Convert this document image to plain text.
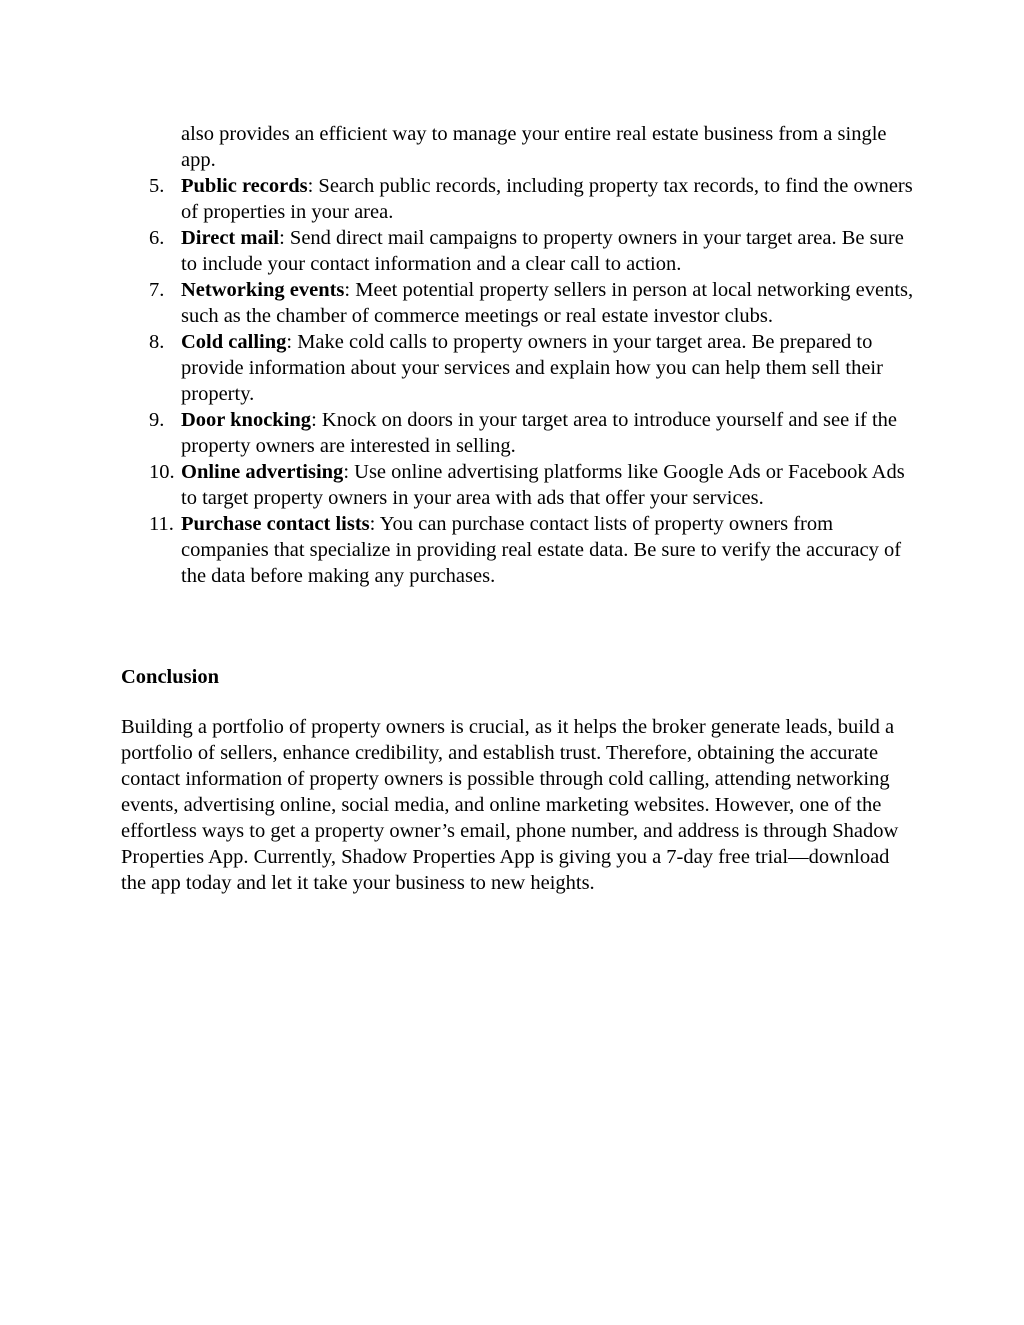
also provides an efficient way to manage your entire real estate business from a single app.

5. Public records: Search public records, including property tax records, to find the owners of properties in your area.
6. Direct mail: Send direct mail campaigns to property owners in your target area. Be sure to include your contact information and a clear call to action.
7. Networking events: Meet potential property sellers in person at local networking events, such as the chamber of commerce meetings or real estate investor clubs.
8. Cold calling: Make cold calls to property owners in your target area. Be prepared to provide information about your services and explain how you can help them sell their property.
9. Door knocking: Knock on doors in your target area to introduce yourself and see if the property owners are interested in selling.
10. Online advertising: Use online advertising platforms like Google Ads or Facebook Ads to target property owners in your area with ads that offer your services.
11. Purchase contact lists: You can purchase contact lists of property owners from companies that specialize in providing real estate data. Be sure to verify the accuracy of the data before making any purchases.
Conclusion

Building a portfolio of property owners is crucial, as it helps the broker generate leads, build a portfolio of sellers, enhance credibility, and establish trust. Therefore, obtaining the accurate contact information of property owners is possible through cold calling, attending networking events, advertising online, social media, and online marketing websites. However, one of the effortless ways to get a property owner’s email, phone number, and address is through Shadow Properties App. Currently, Shadow Properties App is giving you a 7-day free trial—download the app today and let it take your business to new heights.
